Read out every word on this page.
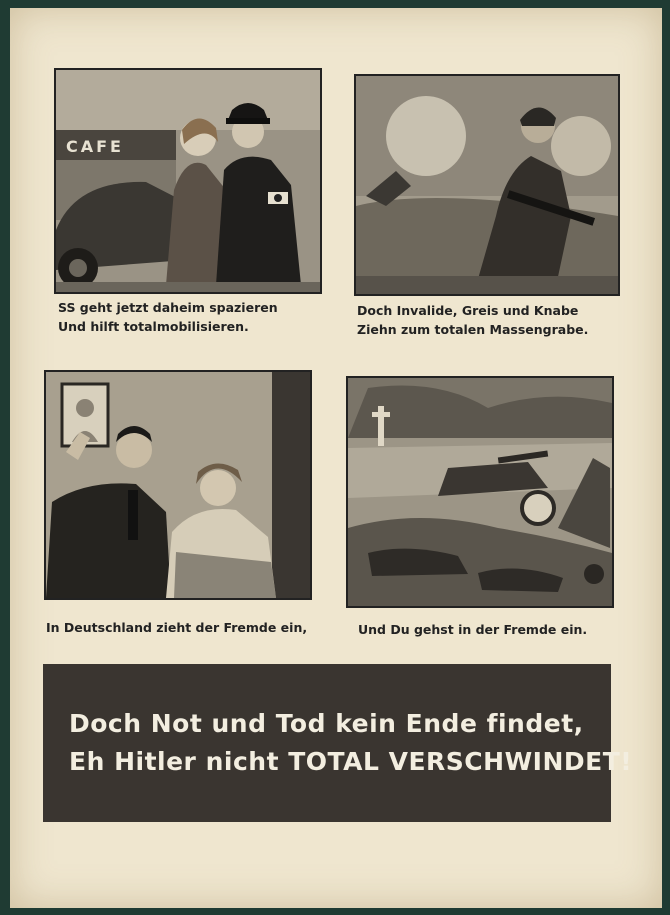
CAFE

SS geht jetzt daheim spazieren
Und hilft totalmobilisieren.

Doch Invalide, Greis und Knabe
Ziehn zum totalen Massengrabe.

In Deutschland zieht der Fremde ein,	Und Du gehst in der Fremde ein.

Doch Not und Tod kein Ende findet,
Eh Hitler nicht TOTAL VERSCHWINDET!
